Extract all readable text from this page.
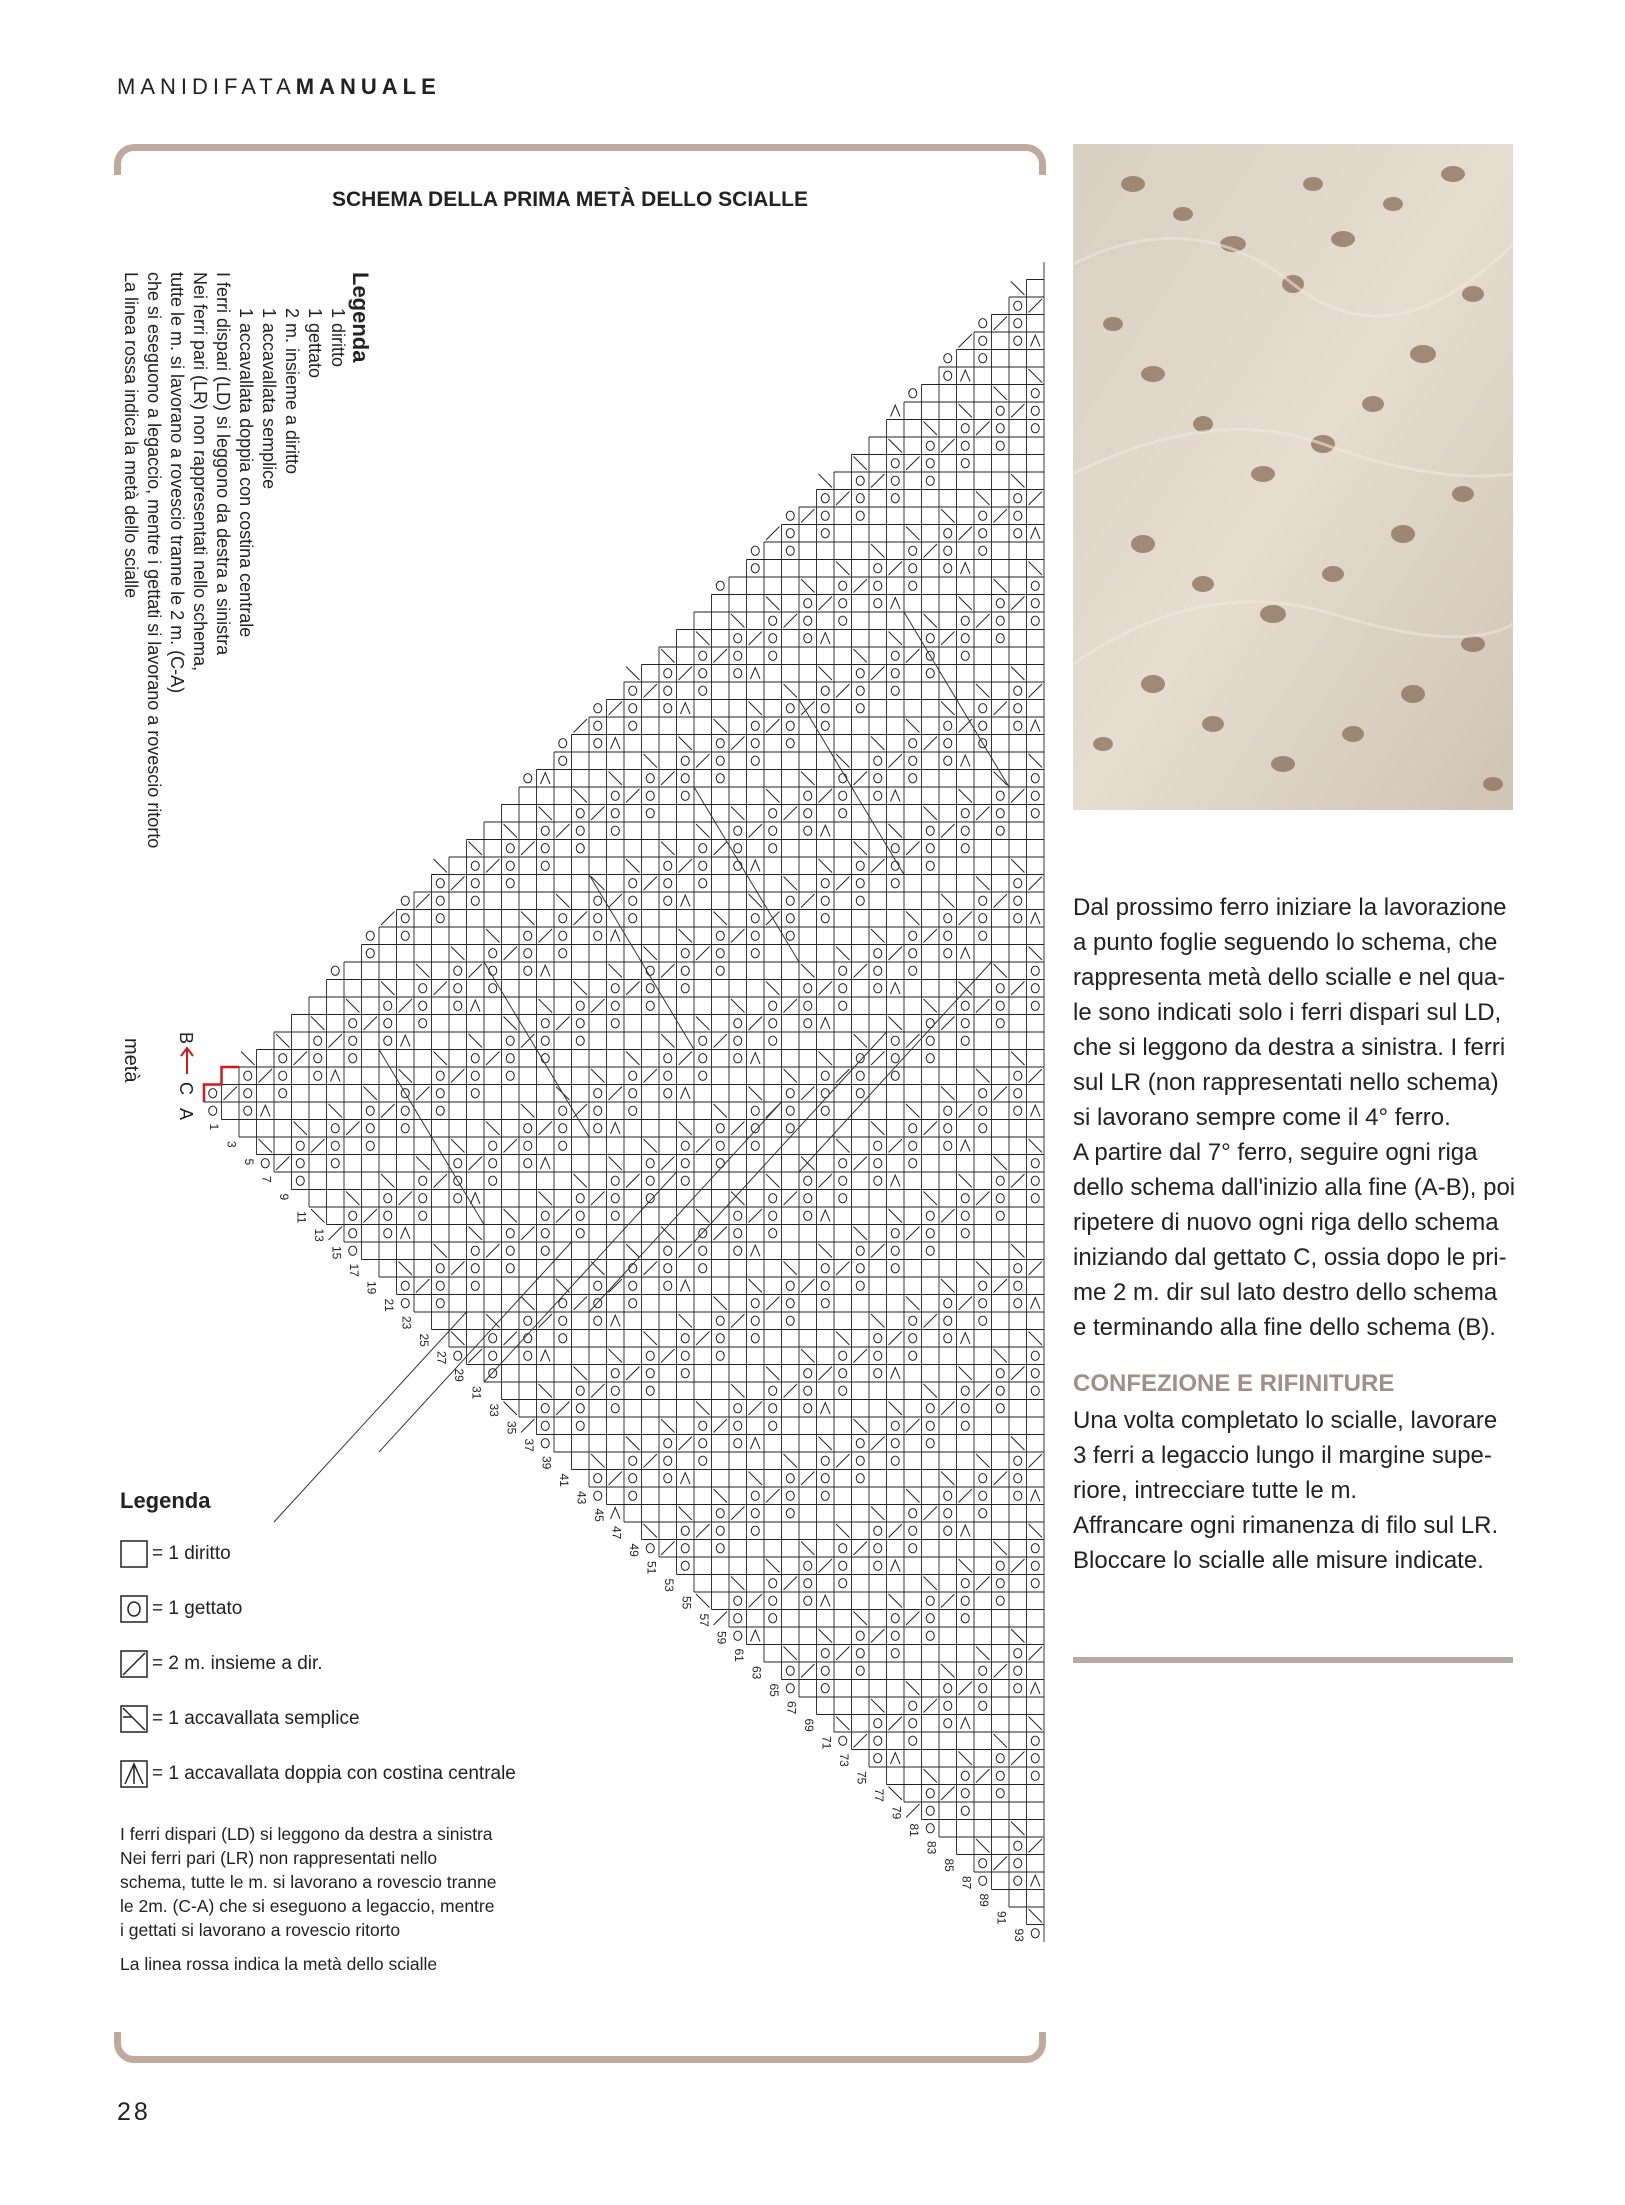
MANIDIFATAMANUALE
SCHEMA DELLA PRIMA METÀ DELLO SCIALLE
1
3
5
7
9
11
13
15
17
19
21
23
25
27
29
31
33
35
37
39
41
43
45
47
49
51
53
55
57
59
61
63
65
67
69
71
73
75
77
79
81
83
85
87
89
91
93
Legenda
1 diritto
1 gettato
2 m. insieme a diritto
1 accavallata semplice
1 accavallata doppia con costina centrale
I ferri dispari (LD) si leggono da destra a sinistra
Nei ferri pari (LR) non rappresentati nello schema,
tutte le m. si lavorano a rovescio tranne le 2 m. (C-A)
che si eseguono a legaccio, mentre i gettati si lavorano a rovescio ritorto
La linea rossa indica la metà dello scialle
metà B
C
A
Legenda
= 1 diritto
= 1 gettato
= 2 m. insieme a dir.
= 1 accavallata semplice
= 1 accavallata doppia con costina centrale

I ferri dispari (LD) si leggono da destra a sinistra

Nei ferri pari (LR) non rappresentati nello

schema, tutte le m. si lavorano a rovescio tranne

le 2m. (C-A) che si eseguono a legaccio, mentre

i gettati si lavorano a rovescio ritorto

La linea rossa indica la metà dello scialle

Dal prossimo ferro iniziare la lavorazione

a punto foglie seguendo lo schema, che

rappresenta metà dello scialle e nel qua-

le sono indicati solo i ferri dispari sul LD,

che si leggono da destra a sinistra. I ferri

sul LR (non rappresentati nello schema)

si lavorano sempre come il 4° ferro.

A partire dal 7° ferro, seguire ogni riga

dello schema dall'inizio alla fine (A-B), poi

ripetere di nuovo ogni riga dello schema

iniziando dal gettato C, ossia dopo le pri-

me 2 m. dir sul lato destro dello schema

e terminando alla fine dello schema (B).

CONFEZIONE E RIFINITURE

Una volta completato lo scialle, lavorare

3 ferri a legaccio lungo il margine supe-

riore, intrecciare tutte le m.

Affrancare ogni rimanenza di filo sul LR.

Bloccare lo scialle alle misure indicate.

28
